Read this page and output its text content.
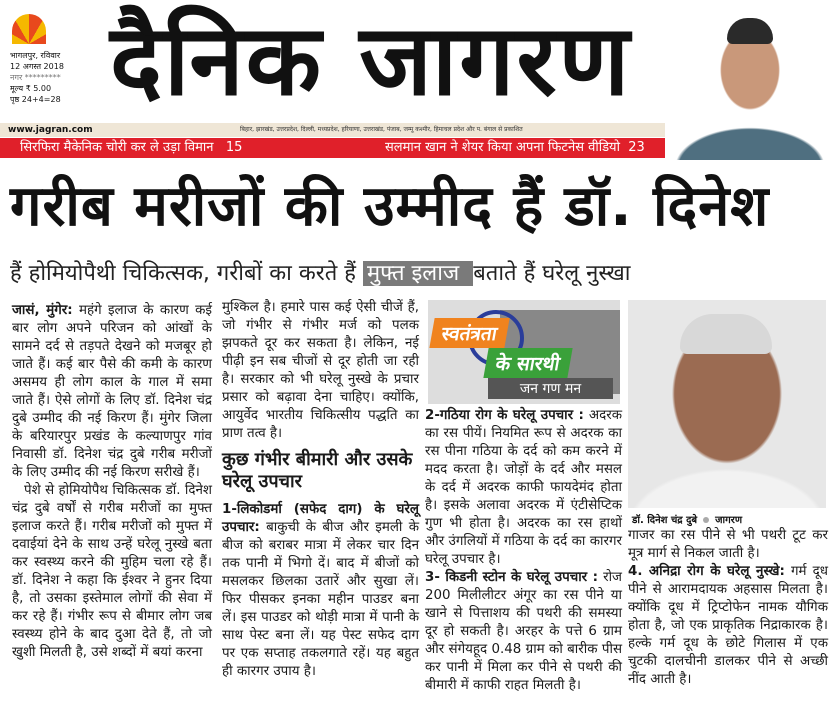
भागलपुर, रविवार
12 अगस्त 2018
नगर *********
मूल्य ₹ 5.00
पृष्ठ 24+4=28 दैनिक जागरण
www.jagran.com	बिहार, झारखंड, उत्तरप्रदेश, दिल्ली, मध्यप्रदेश, हरियाणा, उत्तराखंड, पंजाब, जम्मू कश्मीर, हिमाचल प्रदेश और प. बंगाल से प्रकाशित
सिरफिरा मैकेनिक चोरी कर ले उड़ा विमान 15	सलमान खान ने शेयर किया अपना फिटनेस वीडियो 23
गरीब मरीजों की उम्मीद हैं डॉ. दिनेश
हैं होमियोपैथी चिकित्सक, गरीबों का करते हैं मुफ्त इलाज बताते हैं घरेलू नुस्खा

जासं, मुंगेर: महंगे इलाज के कारण कई बार लोग अपने परिजन को आंखों के सामने दर्द से तड़पते देखने को मजबूर हो जाते हैं। कई बार पैसे की कमी के कारण असमय ही लोग काल के गाल में समा जाते हैं। ऐसे लोगों के लिए डॉ. दिनेश चंद्र दुबे उम्मीद की नई किरण हैं। मुंगेर जिला के बरियारपुर प्रखंड के कल्याणपुर गांव निवासी डॉ. दिनेश चंद्र दुबे गरीब मरीजों के लिए उम्मीद की नई किरण सरीखे हैं।

पेशे से होमियोपैथ चिकित्सक डॉ. दिनेश चंद्र दुबे वर्षों से गरीब मरीजों का मुफ्त इलाज करते हैं। गरीब मरीजों को मुफ्त में दवाईयां देने के साथ उन्हें घरेलू नुस्खे बता कर स्वस्थ्य करने की मुहिम चला रहे हैं। डॉ. दिनेश ने कहा कि ईश्वर ने हुनर दिया है, तो उसका इस्तेमाल लोगों की सेवा में कर रहे हैं। गंभीर रूप से बीमार लोग जब स्वस्थ्य होने के बाद दुआ देते हैं, तो जो खुशी मिलती है, उसे शब्दों में बयां करना

मुश्किल है। हमारे पास कई ऐसी चीजें हैं, जो गंभीर से गंभीर मर्ज को पलक झपकते दूर कर सकता है। लेकिन, नई पीढ़ी इन सब चीजों से दूर होती जा रही है। सरकार को भी घरेलू नुस्खे के प्रचार प्रसार को बढ़ावा देना चाहिए। क्योंकि, आयुर्वेद भारतीय चिकित्सीय पद्धति का प्राण तत्व है।

कुछ गंभीर बीमारी और उसके घरेलू उपचार

1-लिकोडर्मा (सफेद दाग) के घरेलू उपचार: बाकुची के बीज और इमली के बीज को बराबर मात्रा में लेकर चार दिन तक पानी में भिगो दें। बाद में बीजों को मसलकर छिलका उतारें और सुखा लें। फिर पीसकर इनका महीन पाउडर बना लें। इस पाउडर को थोड़ी मात्रा में पानी के साथ पेस्ट बना लें। यह पेस्ट सफेद दाग पर एक सप्ताह तकलगाते रहें। यह बहुत ही कारगर उपाय है।

स्वतंत्रता
के सारथी
जन गण मन

2-गठिया रोग के घरेलू उपचार : अदरक का रस पीयें। नियमित रूप से अदरक का रस पीना गठिया के दर्द को कम करने में मदद करता है। जोड़ों के दर्द और मसल के दर्द में अदरक काफी फायदेमंद होता है। इसके अलावा अदरक में एंटीसेप्टिक गुण भी होता है। अदरक का रस हाथों और उंगलियों में गठिया के दर्द का कारगर घरेलू उपचार है।

3- किडनी स्टोन के घरेलू उपचार : रोज 200 मिलीलीटर अंगूर का रस पीने या खाने से पित्ताशय की पथरी की समस्या दूर हो सकती है। अरहर के पत्ते 6 ग्राम और संगेयहूद 0.48 ग्राम को बारीक पीस कर पानी में मिला कर पीने से पथरी की बीमारी में काफी राहत मिलती है।

डॉ. दिनेश चंद्र दुबे जागरण

गाजर का रस पीने से भी पथरी टूट कर मूत्र मार्ग से निकल जाती है।

4. अनिद्रा रोग के घरेलू नुस्खे: गर्म दूध पीने से आरामदायक अहसास मिलता है। क्योंकि दूध में ट्रिप्टोफेन नामक यौगिक होता है, जो एक प्राकृतिक निद्राकारक है। हल्के गर्म दूध के छोटे गिलास में एक चुटकी दालचीनी डालकर पीने से अच्छी नींद आती है।
